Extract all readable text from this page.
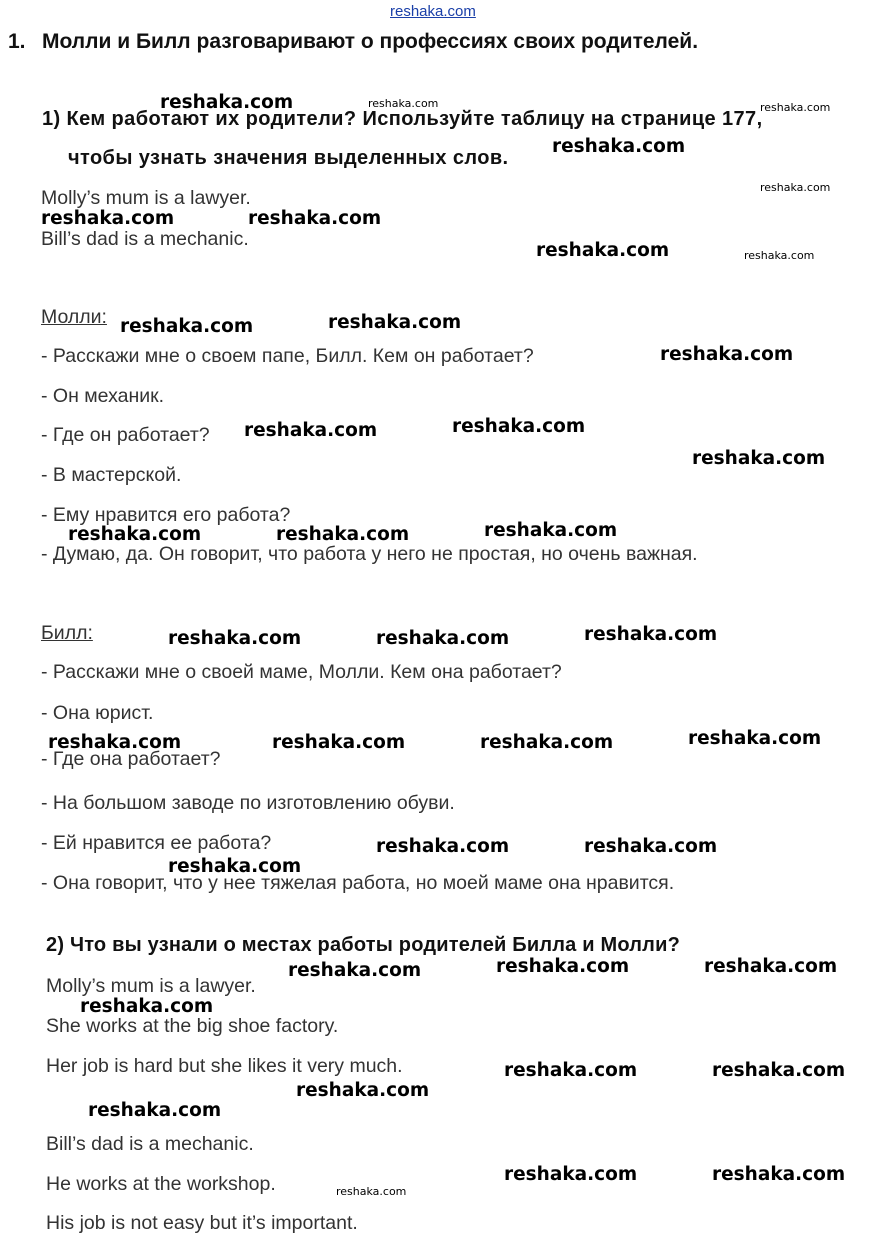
reshaka.com
1. Молли и Билл разговаривают о профессиях своих родителей.
1) Кем работают их родители? Используйте таблицу на странице 177,
чтобы узнать значения выделенных слов.
Molly’s mum is a lawyer.
Bill’s dad is a mechanic.
Молли:
- Расскажи мне о своем папе, Билл. Кем он работает?
- Он механик.
- Где он работает?
- В мастерской.
- Ему нравится его работа?
- Думаю, да. Он говорит, что работа у него не простая, но очень важная.
Билл:
- Расскажи мне о своей маме, Молли. Кем она работает?
- Она юрист.
- Где она работает?
- На большом заводе по изготовлению обуви.
- Ей нравится ее работа?
- Она говорит, что у нее тяжелая работа, но моей маме она нравится.
2) Что вы узнали о местах работы родителей Билла и Молли?
Molly’s mum is a lawyer.
She works at the big shoe factory.
Her job is hard but she likes it very much.
Bill’s dad is a mechanic.
He works at the workshop.
His job is not easy but it’s important.
reshaka.com	reshaka.com	reshaka.com
reshaka.com
reshaka.com
reshaka.com	reshaka.com
reshaka.com	reshaka.com
reshaka.com	reshaka.com
reshaka.com
reshaka.com	reshaka.com
reshaka.com
reshaka.com	reshaka.com	reshaka.com
reshaka.com	reshaka.com	reshaka.com
reshaka.com	reshaka.com	reshaka.com	reshaka.com
reshaka.com	reshaka.com
reshaka.com
reshaka.com	reshaka.com	reshaka.com
reshaka.com
reshaka.com	reshaka.com
reshaka.com
reshaka.com
reshaka.com	reshaka.com
reshaka.com
